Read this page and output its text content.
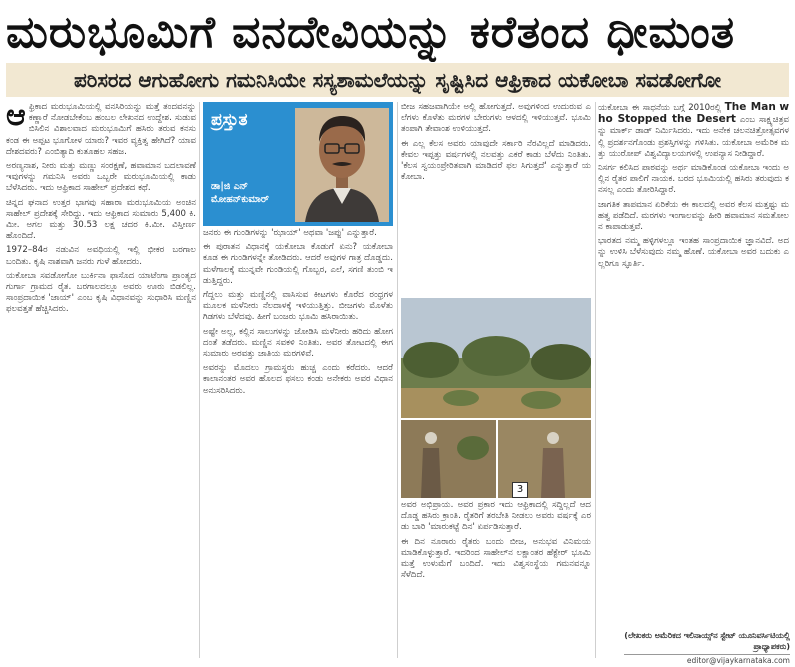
ಮರುಭೂಮಿಗೆ ವನದೇವಿಯನ್ನು ಕರೆತಂದ ಧೀಮಂತ
ಪರಿಸರದ ಆಗುಹೋಗು ಗಮನಿಸಿಯೇ ಸಸ್ಯಶಾಮಲೆಯನ್ನು ಸೃಷ್ಟಿಸಿದ ಆಫ್ರಿಕಾದ ಯಕೋಬಾ ಸವಡೋಗೋ

ಆಫ್ರಿಕಾದ ಮರುಭೂಮಿಯಲ್ಲಿ ವನಸಿರಿಯನ್ನು ಮತ್ತೆ ತಂದವನನ್ನು ಕಣ್ಣಾರೆ ನೋಡಬೇಕೆಂಬ ಹಂಬಲ ಲೇಖನದ ಉದ್ದೇಶ. ಸುಡುವ ಬಿಸಿಲಿನ ವಿಶಾಲವಾದ ಮರುಭೂಮಿಗೆ ಹಸಿರು ತರುವ ಕನಸು ಕಂಡ ಈ ಅಪ್ಪಟ ಭೂಗೋಳ ಯಾರು? ಇವರ ವ್ಯಕ್ತಿತ್ವ ಹೇಗಿದೆ? ಯಾವ ದೇಶದವರು? ಎಂಬಿತ್ಯಾದಿ ಕುತೂಹಲ ಸಹಜ.

ಅರಣ್ಯನಾಶ, ನೀರು ಮತ್ತು ಮಣ್ಣು ಸಂರಕ್ಷಣೆ, ಹವಾಮಾನ ಬದಲಾವಣೆ ಇವುಗಳನ್ನು ಗಮನಿಸಿ ಅವರು ಒಬ್ಬರೇ ಮರುಭೂಮಿಯಲ್ಲಿ ಕಾಡು ಬೆಳೆಸಿದರು. ಇದು ಆಫ್ರಿಕಾದ ಸಾಹೇಲ್ ಪ್ರದೇಶದ ಕಥೆ.

ಚಿನ್ನದ ಘನಾದ ಉತ್ತರ ಭಾಗವು ಸಹಾರಾ ಮರುಭೂಮಿಯ ಅಂಚಿನ ಸಾಹೇಲ್ ಪ್ರದೇಶಕ್ಕೆ ಸೇರಿದ್ದು. ಇದು ಆಫ್ರಿಕಾದ ಸುಮಾರು 5,400 ಕಿ.ಮೀ. ಅಗಲ ಮತ್ತು 30.53 ಲಕ್ಷ ಚದರ ಕಿ.ಮೀ. ವಿಸ್ತೀರ್ಣ ಹೊಂದಿದೆ.

1972–84ರ ನಡುವಿನ ಅವಧಿಯಲ್ಲಿ ಇಲ್ಲಿ ಭೀಕರ ಬರಗಾಲ ಬಂದಿತು. ಕೃಷಿ ನಾಶವಾಗಿ ಜನರು ಗುಳೆ ಹೋದರು.

ಯಕೋಬಾ ಸವಡೋಗೋ ಬುರ್ಕಿನಾ ಫಾಸೊದ ಯಾಟೆಂಗಾ ಪ್ರಾಂತ್ಯದ ಗುರ್ಗಾ ಗ್ರಾಮದ ರೈತ. ಬರಗಾಲದಲ್ಲೂ ಅವರು ಊರು ಬಿಡಲಿಲ್ಲ. ಸಾಂಪ್ರದಾಯಿಕ 'ಜಾಯ್' ಎಂಬ ಕೃಷಿ ವಿಧಾನವನ್ನು ಸುಧಾರಿಸಿ ಮಣ್ಣಿನ ಫಲವತ್ತತೆ ಹೆಚ್ಚಿಸಿದರು.

ಪ್ರಸ್ತುತ
ಡಾ|ಜಿ ಎನ್ ಮೋಹನ್‌ಕುಮಾರ್

ಜನರು ಈ ಗುಂಡಿಗಳನ್ನು 'ಝಾಯ್' ಅಥವಾ 'ಜಪ್ಪು' ಎನ್ನುತ್ತಾರೆ.

ಈ ಪುರಾತನ ವಿಧಾನಕ್ಕೆ ಯಕೋಬಾ ಕೊಡುಗೆ ಏನು? ಯಕೋಬಾ ಕೂಡ ಈ ಗುಂಡಿಗಳನ್ನೇ ತೋಡಿದರು. ಆದರೆ ಅವುಗಳ ಗಾತ್ರ ದೊಡ್ಡದು. ಮಳೆಗಾಲಕ್ಕೆ ಮುನ್ನವೇ ಗುಂಡಿಯಲ್ಲಿ ಗೊಬ್ಬರ, ಎಲೆ, ಸಗಣಿ ತುಂಬಿ ಇಡುತ್ತಿದ್ದರು.

ಗೆದ್ದಲು ಮತ್ತು ಮಣ್ಣಿನಲ್ಲಿ ವಾಸಿಸುವ ಕೀಟಗಳು ಕೊರೆದ ರಂಧ್ರಗಳ ಮೂಲಕ ಮಳೆನೀರು ನೆಲದಾಳಕ್ಕೆ ಇಳಿಯುತ್ತಿತ್ತು. ಬೀಜಗಳು ಮೊಳೆತು ಗಿಡಗಳು ಬೆಳೆದವು. ಹೀಗೆ ಬಂಜರು ಭೂಮಿ ಹಸಿರಾಯಿತು.

ಅಷ್ಟೇ ಅಲ್ಲ, ಕಲ್ಲಿನ ಸಾಲುಗಳನ್ನು ಜೋಡಿಸಿ ಮಳೆನೀರು ಹರಿದು ಹೋಗದಂತೆ ತಡೆದರು. ಮಣ್ಣಿನ ಸವಕಳಿ ನಿಂತಿತು. ಅವರ ತೋಟದಲ್ಲಿ ಈಗ ಸುಮಾರು ಅರವತ್ತು ಜಾತಿಯ ಮರಗಳಿವೆ.

ಅವರನ್ನು ಮೊದಲು ಗ್ರಾಮಸ್ಥರು ಹುಚ್ಚ ಎಂದು ಕರೆದರು. ಆದರೆ ಕಾಲಾನಂತರ ಅವರ ಹೊಲದ ಫಸಲು ಕಂಡು ಅನೇಕರು ಅವರ ವಿಧಾನ ಅನುಸರಿಸಿದರು.

ಬೀಜ ಸಹಜವಾಗಿಯೇ ಅಲ್ಲಿ ಹೋಗುತ್ತದೆ. ಅವುಗಳಿಂದ ಉದುರುವ ಎಲೆಗಳು ಕೊಳೆತು ಮರಗಳ ಬೇರುಗಳು ಆಳದಲ್ಲಿ ಇಳಿಯುತ್ತವೆ. ಭೂಮಿ ತಂಪಾಗಿ ತೇವಾಂಶ ಉಳಿಯುತ್ತದೆ.

ಈ ಎಲ್ಲ ಕೆಲಸ ಅವರು ಯಾವುದೇ ಸರ್ಕಾರಿ ನೆರವಿಲ್ಲದೆ ಮಾಡಿದರು. ಕೇವಲ ಇಪ್ಪತ್ತು ವರ್ಷಗಳಲ್ಲಿ ನಲವತ್ತು ಎಕರೆ ಕಾಡು ಬೆಳೆದು ನಿಂತಿತು. 'ಕೆಲಸ ಸ್ವಯಂಪ್ರೇರಿತವಾಗಿ ಮಾಡಿದರೆ ಫಲ ಸಿಗುತ್ತದೆ' ಎನ್ನುತ್ತಾರೆ ಯಕೋಬಾ.

3

ಅವರ ಅಭಿಪ್ರಾಯ. ಅವರ ಪ್ರಕಾರ ಇದು ಆಫ್ರಿಕಾದಲ್ಲಿ ಸದ್ದಿಲ್ಲದೆ ಆದ ದೊಡ್ಡ ಹಸಿರು ಕ್ರಾಂತಿ. ರೈತರಿಗೆ ತರಬೇತಿ ನೀಡಲು ಅವರು ವರ್ಷಕ್ಕೆ ಎರಡು ಬಾರಿ 'ಮಾರುಕಟ್ಟೆ ದಿನ' ಏರ್ಪಡಿಸುತ್ತಾರೆ.

ಈ ದಿನ ನೂರಾರು ರೈತರು ಬಂದು ಬೀಜ, ಅನುಭವ ವಿನಿಮಯ ಮಾಡಿಕೊಳ್ಳುತ್ತಾರೆ. ಇದರಿಂದ ಸಾಹೇಲ್‌ನ ಲಕ್ಷಾಂತರ ಹೆಕ್ಟೇರ್ ಭೂಮಿ ಮತ್ತೆ ಉಳುಮೆಗೆ ಬಂದಿದೆ. ಇದು ವಿಶ್ವಸಂಸ್ಥೆಯ ಗಮನವನ್ನೂ ಸೆಳೆದಿದೆ.

ಯಕೋಬಾ ಈ ಸಾಧನೆಯ ಬಗ್ಗೆ 2010ರಲ್ಲಿ The Man who Stopped the Desert ಎಂಬ ಸಾಕ್ಷ್ಯಚಿತ್ರವನ್ನು ಮಾರ್ಕ್ ಡಾಡ್ ನಿರ್ಮಿಸಿದರು. ಇದು ಅನೇಕ ಚಲನಚಿತ್ರೋತ್ಸವಗಳಲ್ಲಿ ಪ್ರದರ್ಶನಗೊಂಡು ಪ್ರಶಸ್ತಿಗಳನ್ನು ಗಳಿಸಿತು. ಯಕೋಬಾ ಅಮೆರಿಕ ಮತ್ತು ಯುರೋಪ್ ವಿಶ್ವವಿದ್ಯಾಲಯಗಳಲ್ಲಿ ಉಪನ್ಯಾಸ ನೀಡಿದ್ದಾರೆ.

ನಿಸರ್ಗ ಕಲಿಸಿದ ಪಾಠವನ್ನು ಅರ್ಥ ಮಾಡಿಕೊಂಡ ಯಕೋಬಾ ಇಂದು ಅಲ್ಲಿನ ರೈತರ ಪಾಲಿಗೆ ನಾಯಕ. ಬರದ ಭೂಮಿಯಲ್ಲಿ ಹಸಿರು ತರುವುದು ಕನಸಲ್ಲ ಎಂದು ತೋರಿಸಿದ್ದಾರೆ.

ಜಾಗತಿಕ ತಾಪಮಾನ ಏರಿಕೆಯ ಈ ಕಾಲದಲ್ಲಿ ಅವರ ಕೆಲಸ ಮತ್ತಷ್ಟು ಮಹತ್ವ ಪಡೆದಿದೆ. ಮರಗಳು ಇಂಗಾಲವನ್ನು ಹೀರಿ ಹವಾಮಾನ ಸಮತೋಲನ ಕಾಪಾಡುತ್ತವೆ.

ಭಾರತದ ನಮ್ಮ ಹಳ್ಳಿಗಳಲ್ಲೂ ಇಂತಹ ಸಾಂಪ್ರದಾಯಿಕ ಜ್ಞಾನವಿದೆ. ಅದನ್ನು ಉಳಿಸಿ ಬೆಳೆಸುವುದು ನಮ್ಮ ಹೊಣೆ. ಯಕೋಬಾ ಅವರ ಬದುಕು ಎಲ್ಲರಿಗೂ ಸ್ಫೂರ್ತಿ.

(ಲೇಖಕರು ಅಮೆರಿಕದ ಇಲಿನಾಯ್ಸ್‌ನ ಸ್ಟೇಟ್ ಯೂನಿವರ್ಸಿಟಿಯಲ್ಲಿ ಪ್ರಾಧ್ಯಾಪಕರು)
editor@vijaykarnataka.com
